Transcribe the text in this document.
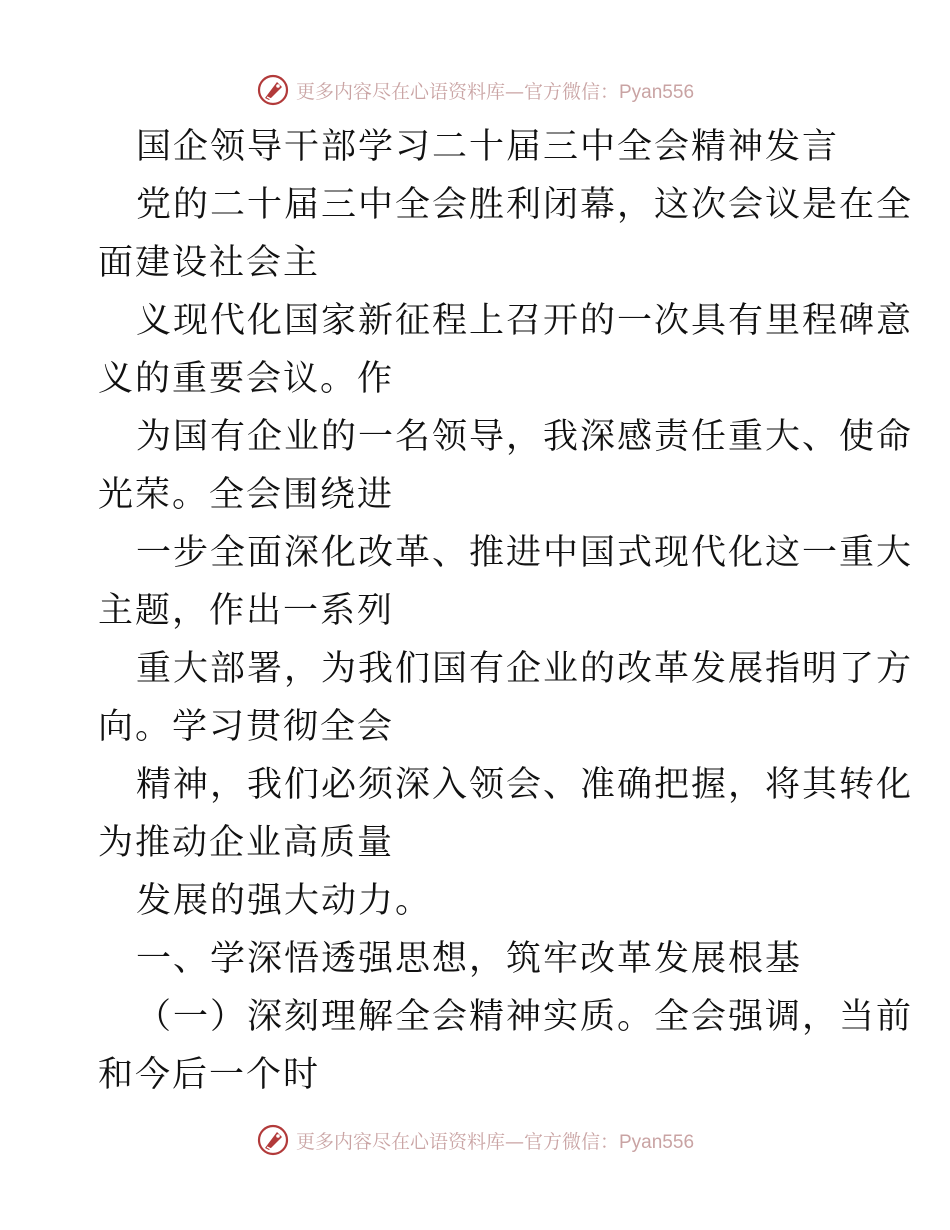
更多内容尽在心语资料库—官方微信：Pyan556
国企领导干部学习二十届三中全会精神发言
党的二十届三中全会胜利闭幕，这次会议是在全
面建设社会主
义现代化国家新征程上召开的一次具有里程碑意
义的重要会议。作
为国有企业的一名领导，我深感责任重大、使命
光荣。全会围绕进
一步全面深化改革、推进中国式现代化这一重大
主题，作出一系列
重大部署，为我们国有企业的改革发展指明了方
向。学习贯彻全会
精神，我们必须深入领会、准确把握，将其转化
为推动企业高质量
发展的强大动力。
一、学深悟透强思想，筑牢改革发展根基
（一）深刻理解全会精神实质。全会强调，当前
和今后一个时
更多内容尽在心语资料库—官方微信：Pyan556
